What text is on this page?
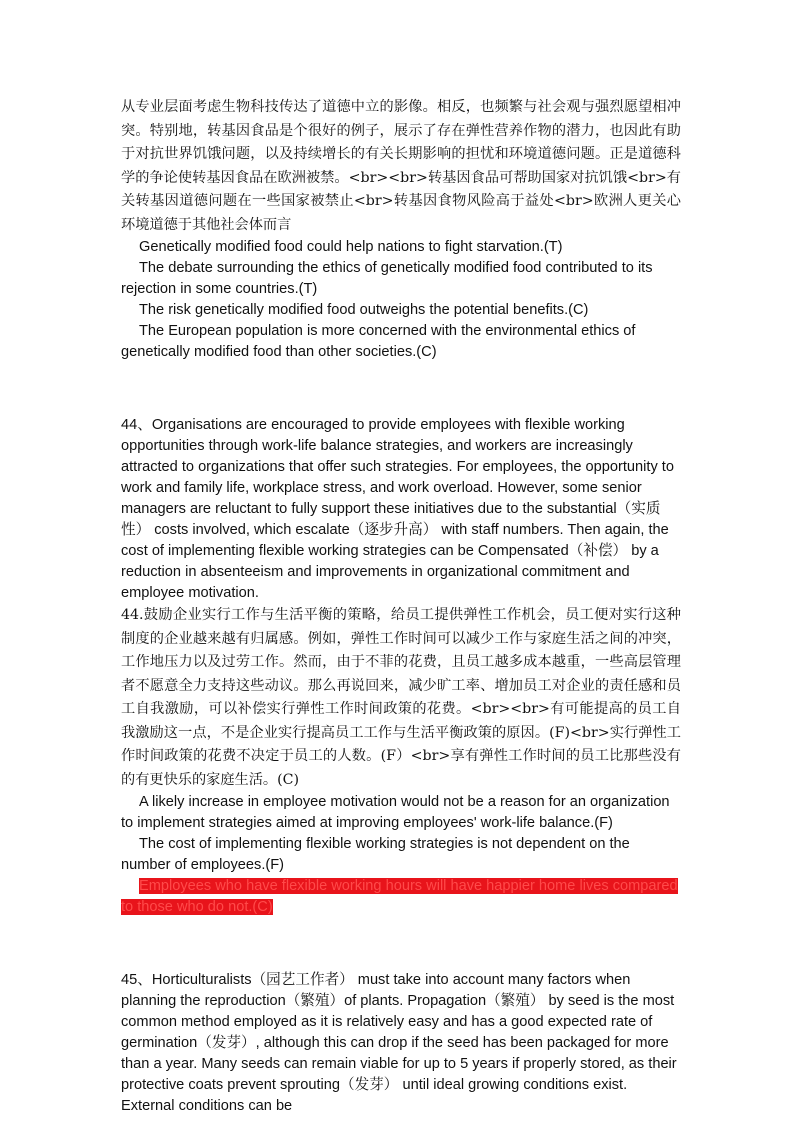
从专业层面考虑生物科技传达了道德中立的影像。相反，也频繁与社会观与强烈愿望相冲突。特别地，转基因食品是个很好的例子，展示了存在弹性营养作物的潜力，也因此有助于对抗世界饥饿问题，以及持续增长的有关长期影响的担忧和环境道德问题。正是道德科学的争论使转基因食品在欧洲被禁。<br><br>转基因食品可帮助国家对抗饥饿<br>有关转基因道德问题在一些国家被禁止<br>转基因食物风险高于益处<br>欧洲人更关心环境道德于其他社会体而言

Genetically modified food could help nations to fight starvation.(T)

The debate surrounding the ethics of genetically modified food contributed to its rejection in some countries.(T)

The risk genetically modified food outweighs the potential benefits.(C)

The European population is more concerned with the environmental ethics of genetically modified food than other societies.(C)

44、Organisations are encouraged to provide employees with flexible working opportunities through work-life balance strategies, and workers are increasingly attracted to organizations that offer such strategies. For employees, the opportunity to work and family life, workplace stress, and work overload. However, some senior managers are reluctant to fully support these initiatives due to the substantial（实质性） costs involved, which escalate（逐步升高） with staff numbers. Then again, the cost of implementing flexible working strategies can be Compensated（补偿） by a reduction in absenteeism and improvements in organizational commitment and employee motivation.

44.鼓励企业实行工作与生活平衡的策略，给员工提供弹性工作机会，员工便对实行这种制度的企业越来越有归属感。例如，弹性工作时间可以减少工作与家庭生活之间的冲突，工作地压力以及过劳工作。然而，由于不菲的花费，且员工越多成本越重，一些高层管理者不愿意全力支持这些动议。那么再说回来，减少旷工率、增加员工对企业的责任感和员工自我激励，可以补偿实行弹性工作时间政策的花费。<br><br>有可能提高的员工自我激励这一点，不是企业实行提高员工工作与生活平衡政策的原因。(F)<br>实行弹性工作时间政策的花费不决定于员工的人数。(F）<br>享有弹性工作时间的员工比那些没有的有更快乐的家庭生活。(C)

A likely increase in employee motivation would not be a reason for an organization to implement strategies aimed at improving employees' work-life balance.(F)

The cost of implementing flexible working strategies is not dependent on the number of employees.(F)

Employees who have flexible working hours will have happier home lives compared to those who do not.(C)

45、Horticulturalists（园艺工作者） must take into account many factors when planning the reproduction（繁殖）of plants. Propagation（繁殖） by seed is the most common method employed as it is relatively easy and has a good expected rate of germination（发芽）, although this can drop if the seed has been packaged for more than a year. Many seeds can remain viable for up to 5 years if properly stored, as their protective coats prevent sprouting（发芽） until ideal growing conditions exist. External conditions can be
